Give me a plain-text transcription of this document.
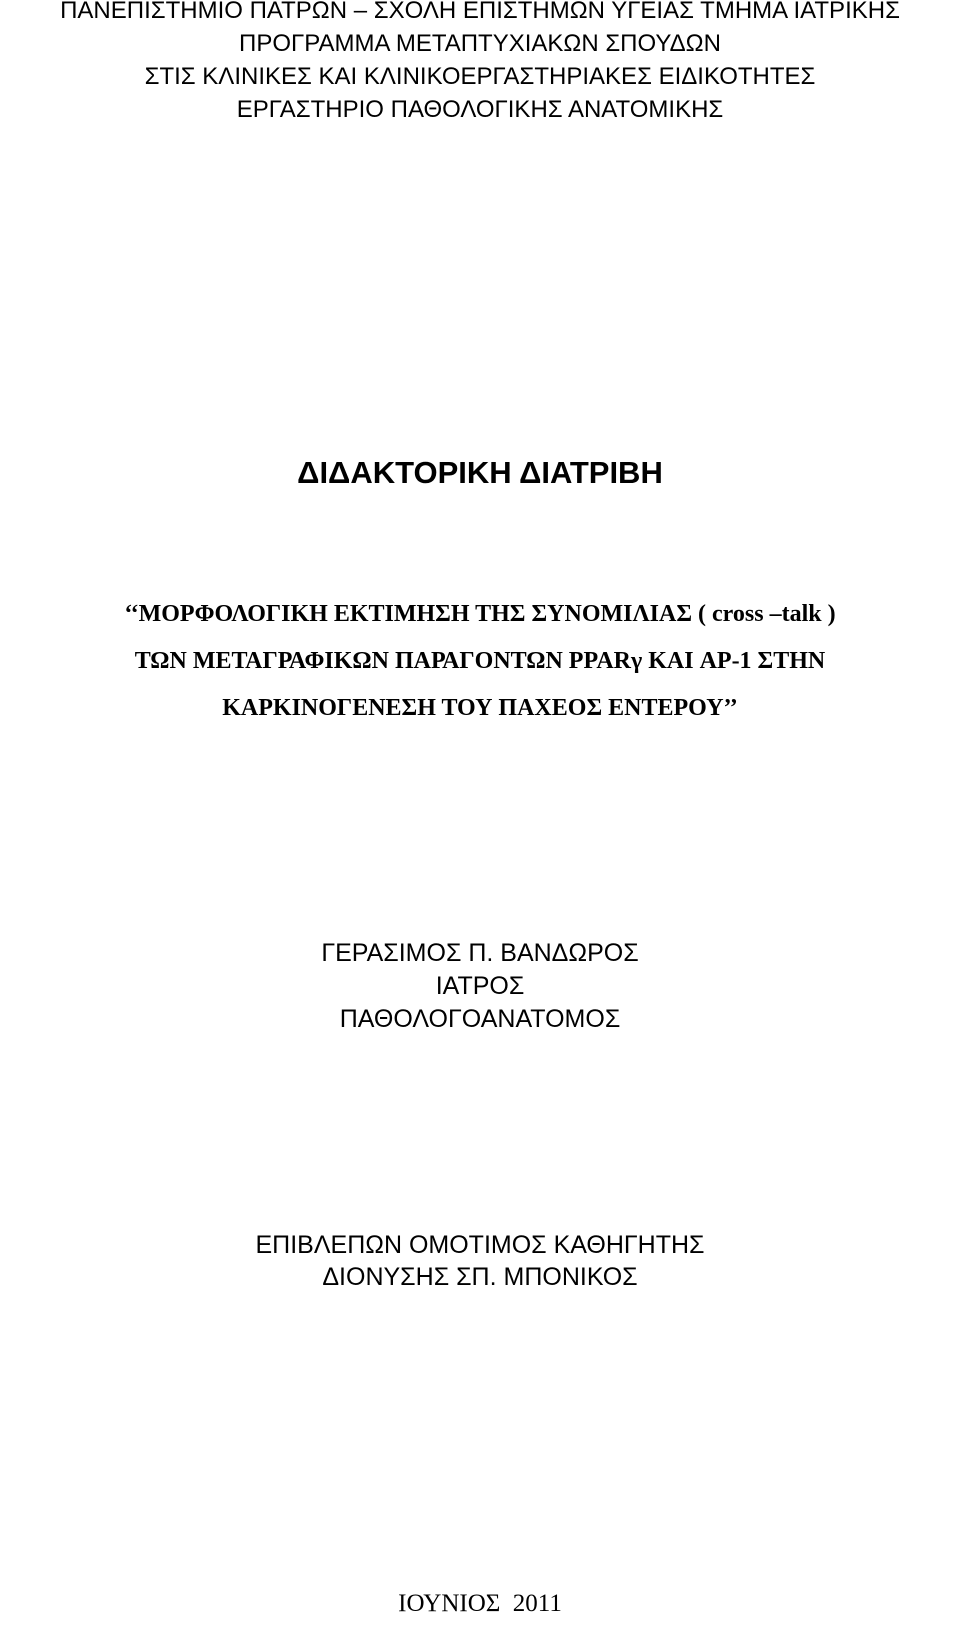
ΠΑΝΕΠΙΣΤΗΜΙΟ ΠΑΤΡΩΝ – ΣΧΟΛΗ ΕΠΙΣΤΗΜΩΝ ΥΓΕΙΑΣ ΤΜΗΜΑ ΙΑΤΡΙΚΗΣ
ΠΡΟΓΡΑΜΜΑ ΜΕΤΑΠΤΥΧΙΑΚΩΝ ΣΠΟΥΔΩΝ
ΣΤΙΣ ΚΛΙΝΙΚΕΣ ΚΑΙ ΚΛΙΝΙΚΟΕΡΓΑΣΤΗΡΙΑΚΕΣ ΕΙΔΙΚΟΤΗΤΕΣ
ΕΡΓΑΣΤΗΡΙΟ ΠΑΘΟΛΟΓΙΚΗΣ ΑΝΑΤΟΜΙΚΗΣ
ΔΙΔΑΚΤΟΡΙΚΗ ΔΙΑΤΡΙΒΗ
‘‘ΜΟΡΦΟΛΟΓΙΚΗ ΕΚΤΙΜΗΣΗ ΤΗΣ ΣΥΝΟΜΙΛΙΑΣ ( cross –talk )
ΤΩΝ ΜΕΤΑΓΡΑΦΙΚΩΝ ΠΑΡΑΓΟΝΤΩΝ PPARγ ΚΑΙ AP-1 ΣΤΗΝ
ΚΑΡΚΙΝΟΓΕΝΕΣΗ ΤΟΥ ΠΑΧΕΟΣ ΕΝΤΕΡΟΥ’’
ΓΕΡΑΣΙΜΟΣ Π. ΒΑΝΔΩΡΟΣ
ΙΑΤΡΟΣ
ΠΑΘΟΛΟΓΟΑΝΑΤΟΜΟΣ
ΕΠΙΒΛΕΠΩΝ ΟΜΟΤΙΜΟΣ ΚΑΘΗΓΗΤΗΣ
ΔΙΟΝΥΣΗΣ ΣΠ. ΜΠΟΝΙΚΟΣ
ΙΟΥΝΙΟΣ  2011
